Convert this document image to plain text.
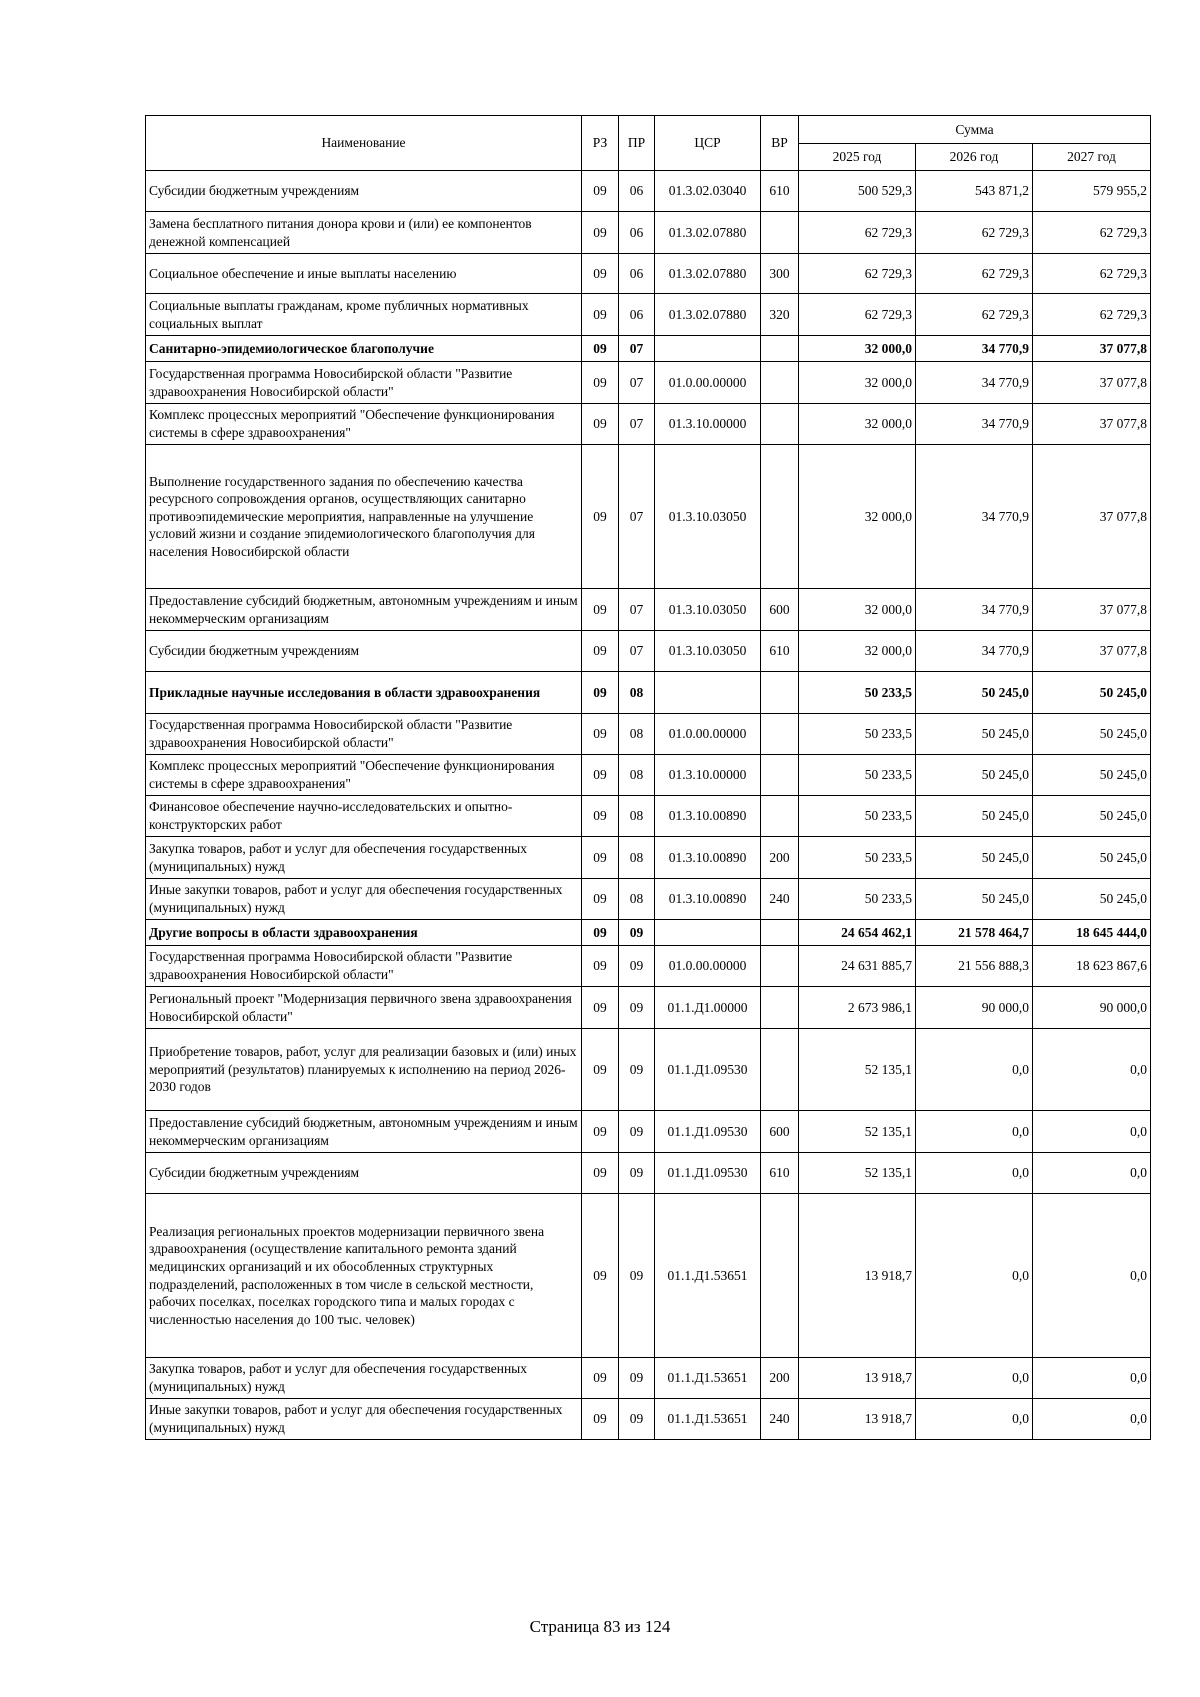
Наименование	РЗ	ПР	ЦСР	ВР	Сумма		
					2025 год	2026 год	2027 год
Субсидии бюджетным учреждениям	09	06	01.3.02.03040	610	500 529,3	543 871,2	579 955,2
Замена бесплатного питания донора крови и (или) ее компонентов денежной компенсацией	09	06	01.3.02.07880		62 729,3	62 729,3	62 729,3
Социальное обеспечение и иные выплаты населению	09	06	01.3.02.07880	300	62 729,3	62 729,3	62 729,3
Социальные выплаты гражданам, кроме публичных нормативных социальных выплат	09	06	01.3.02.07880	320	62 729,3	62 729,3	62 729,3
Санитарно-эпидемиологическое благополучие	09	07			32 000,0	34 770,9	37 077,8
Государственная программа Новосибирской области "Развитие здравоохранения Новосибирской области"	09	07	01.0.00.00000		32 000,0	34 770,9	37 077,8
Комплекс процессных мероприятий "Обеспечение функционирования системы в сфере здравоохранения"	09	07	01.3.10.00000		32 000,0	34 770,9	37 077,8
Выполнение государственного задания по обеспечению качества ресурсного сопровождения органов, осуществляющих санитарно противоэпидемические мероприятия, направленные на улучшение условий жизни и создание эпидемиологического благополучия для населения Новосибирской области	09	07	01.3.10.03050		32 000,0	34 770,9	37 077,8
Предоставление субсидий бюджетным, автономным учреждениям и иным некоммерческим организациям	09	07	01.3.10.03050	600	32 000,0	34 770,9	37 077,8
Субсидии бюджетным учреждениям	09	07	01.3.10.03050	610	32 000,0	34 770,9	37 077,8
Прикладные научные исследования в области здравоохранения	09	08			50 233,5	50 245,0	50 245,0
Государственная программа Новосибирской области "Развитие здравоохранения Новосибирской области"	09	08	01.0.00.00000		50 233,5	50 245,0	50 245,0
Комплекс процессных мероприятий "Обеспечение функционирования системы в сфере здравоохранения"	09	08	01.3.10.00000		50 233,5	50 245,0	50 245,0
Финансовое обеспечение научно-исследовательских и опытно-конструкторских работ	09	08	01.3.10.00890		50 233,5	50 245,0	50 245,0
Закупка товаров, работ и услуг для обеспечения государственных (муниципальных) нужд	09	08	01.3.10.00890	200	50 233,5	50 245,0	50 245,0
Иные закупки товаров, работ и услуг для обеспечения государственных (муниципальных) нужд	09	08	01.3.10.00890	240	50 233,5	50 245,0	50 245,0
Другие вопросы в области здравоохранения	09	09			24 654 462,1	21 578 464,7	18 645 444,0
Государственная программа Новосибирской области "Развитие здравоохранения Новосибирской области"	09	09	01.0.00.00000		24 631 885,7	21 556 888,3	18 623 867,6
Региональный проект "Модернизация первичного звена здравоохранения Новосибирской области"	09	09	01.1.Д1.00000		2 673 986,1	90 000,0	90 000,0
Приобретение товаров, работ, услуг для реализации базовых и (или) иных мероприятий (результатов) планируемых к исполнению на период 2026-2030 годов	09	09	01.1.Д1.09530		52 135,1	0,0	0,0
Предоставление субсидий бюджетным, автономным учреждениям и иным некоммерческим организациям	09	09	01.1.Д1.09530	600	52 135,1	0,0	0,0
Субсидии бюджетным учреждениям	09	09	01.1.Д1.09530	610	52 135,1	0,0	0,0
Реализация региональных проектов модернизации первичного звена здравоохранения (осуществление капитального ремонта зданий медицинских организаций и их обособленных структурных подразделений, расположенных в том числе в сельской местности, рабочих поселках, поселках городского типа и малых городах с численностью населения до 100 тыс. человек)	09	09	01.1.Д1.53651		13 918,7	0,0	0,0
Закупка товаров, работ и услуг для обеспечения государственных (муниципальных) нужд	09	09	01.1.Д1.53651	200	13 918,7	0,0	0,0
Иные закупки товаров, работ и услуг для обеспечения государственных (муниципальных) нужд	09	09	01.1.Д1.53651	240	13 918,7	0,0	0,0
Страница 83 из 124
